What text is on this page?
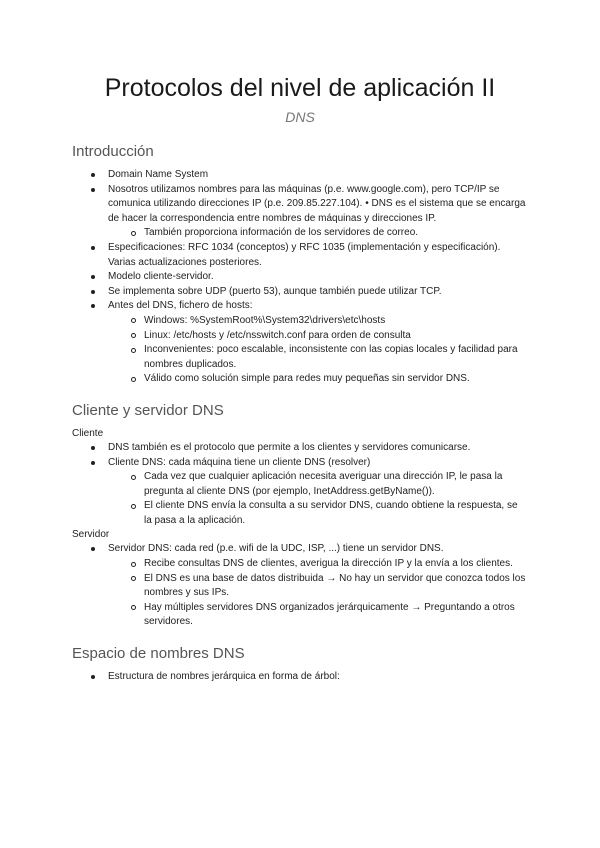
Protocolos del nivel de aplicación II
DNS
Introducción
Domain Name System
Nosotros utilizamos nombres para las máquinas (p.e. www.google.com), pero TCP/IP se comunica utilizando direcciones IP (p.e. 209.85.227.104). • DNS es el sistema que se encarga de hacer la correspondencia entre nombres de máquinas y direcciones IP.
También proporciona información de los servidores de correo.
Especificaciones: RFC 1034 (conceptos) y RFC 1035 (implementación y especificación). Varias actualizaciones posteriores.
Modelo cliente-servidor.
Se implementa sobre UDP (puerto 53), aunque también puede utilizar TCP.
Antes del DNS, fichero de hosts:
Windows: %SystemRoot%\System32\drivers\etc\hosts
Linux: /etc/hosts y /etc/nsswitch.conf para orden de consulta
Inconvenientes: poco escalable, inconsistente con las copias locales y facilidad para nombres duplicados.
Válido como solución simple para redes muy pequeñas sin servidor DNS.
Cliente y servidor DNS

Cliente

DNS también es el protocolo que permite a los clientes y servidores comunicarse.
Cliente DNS: cada máquina tiene un cliente DNS (resolver)
Cada vez que cualquier aplicación necesita averiguar una dirección IP, le pasa la pregunta al cliente DNS (por ejemplo, InetAddress.getByName()).
El cliente DNS envía la consulta a su servidor DNS, cuando obtiene la respuesta, se la pasa a la aplicación.

Servidor

Servidor DNS: cada red (p.e. wifi de la UDC, ISP, ...) tiene un servidor DNS.
Recibe consultas DNS de clientes, averigua la dirección IP y la envía a los clientes.
El DNS es una base de datos distribuida → No hay un servidor que conozca todos los nombres y sus IPs.
Hay múltiples servidores DNS organizados jerárquicamente → Preguntando a otros servidores.
Espacio de nombres DNS
Estructura de nombres jerárquica en forma de árbol:
